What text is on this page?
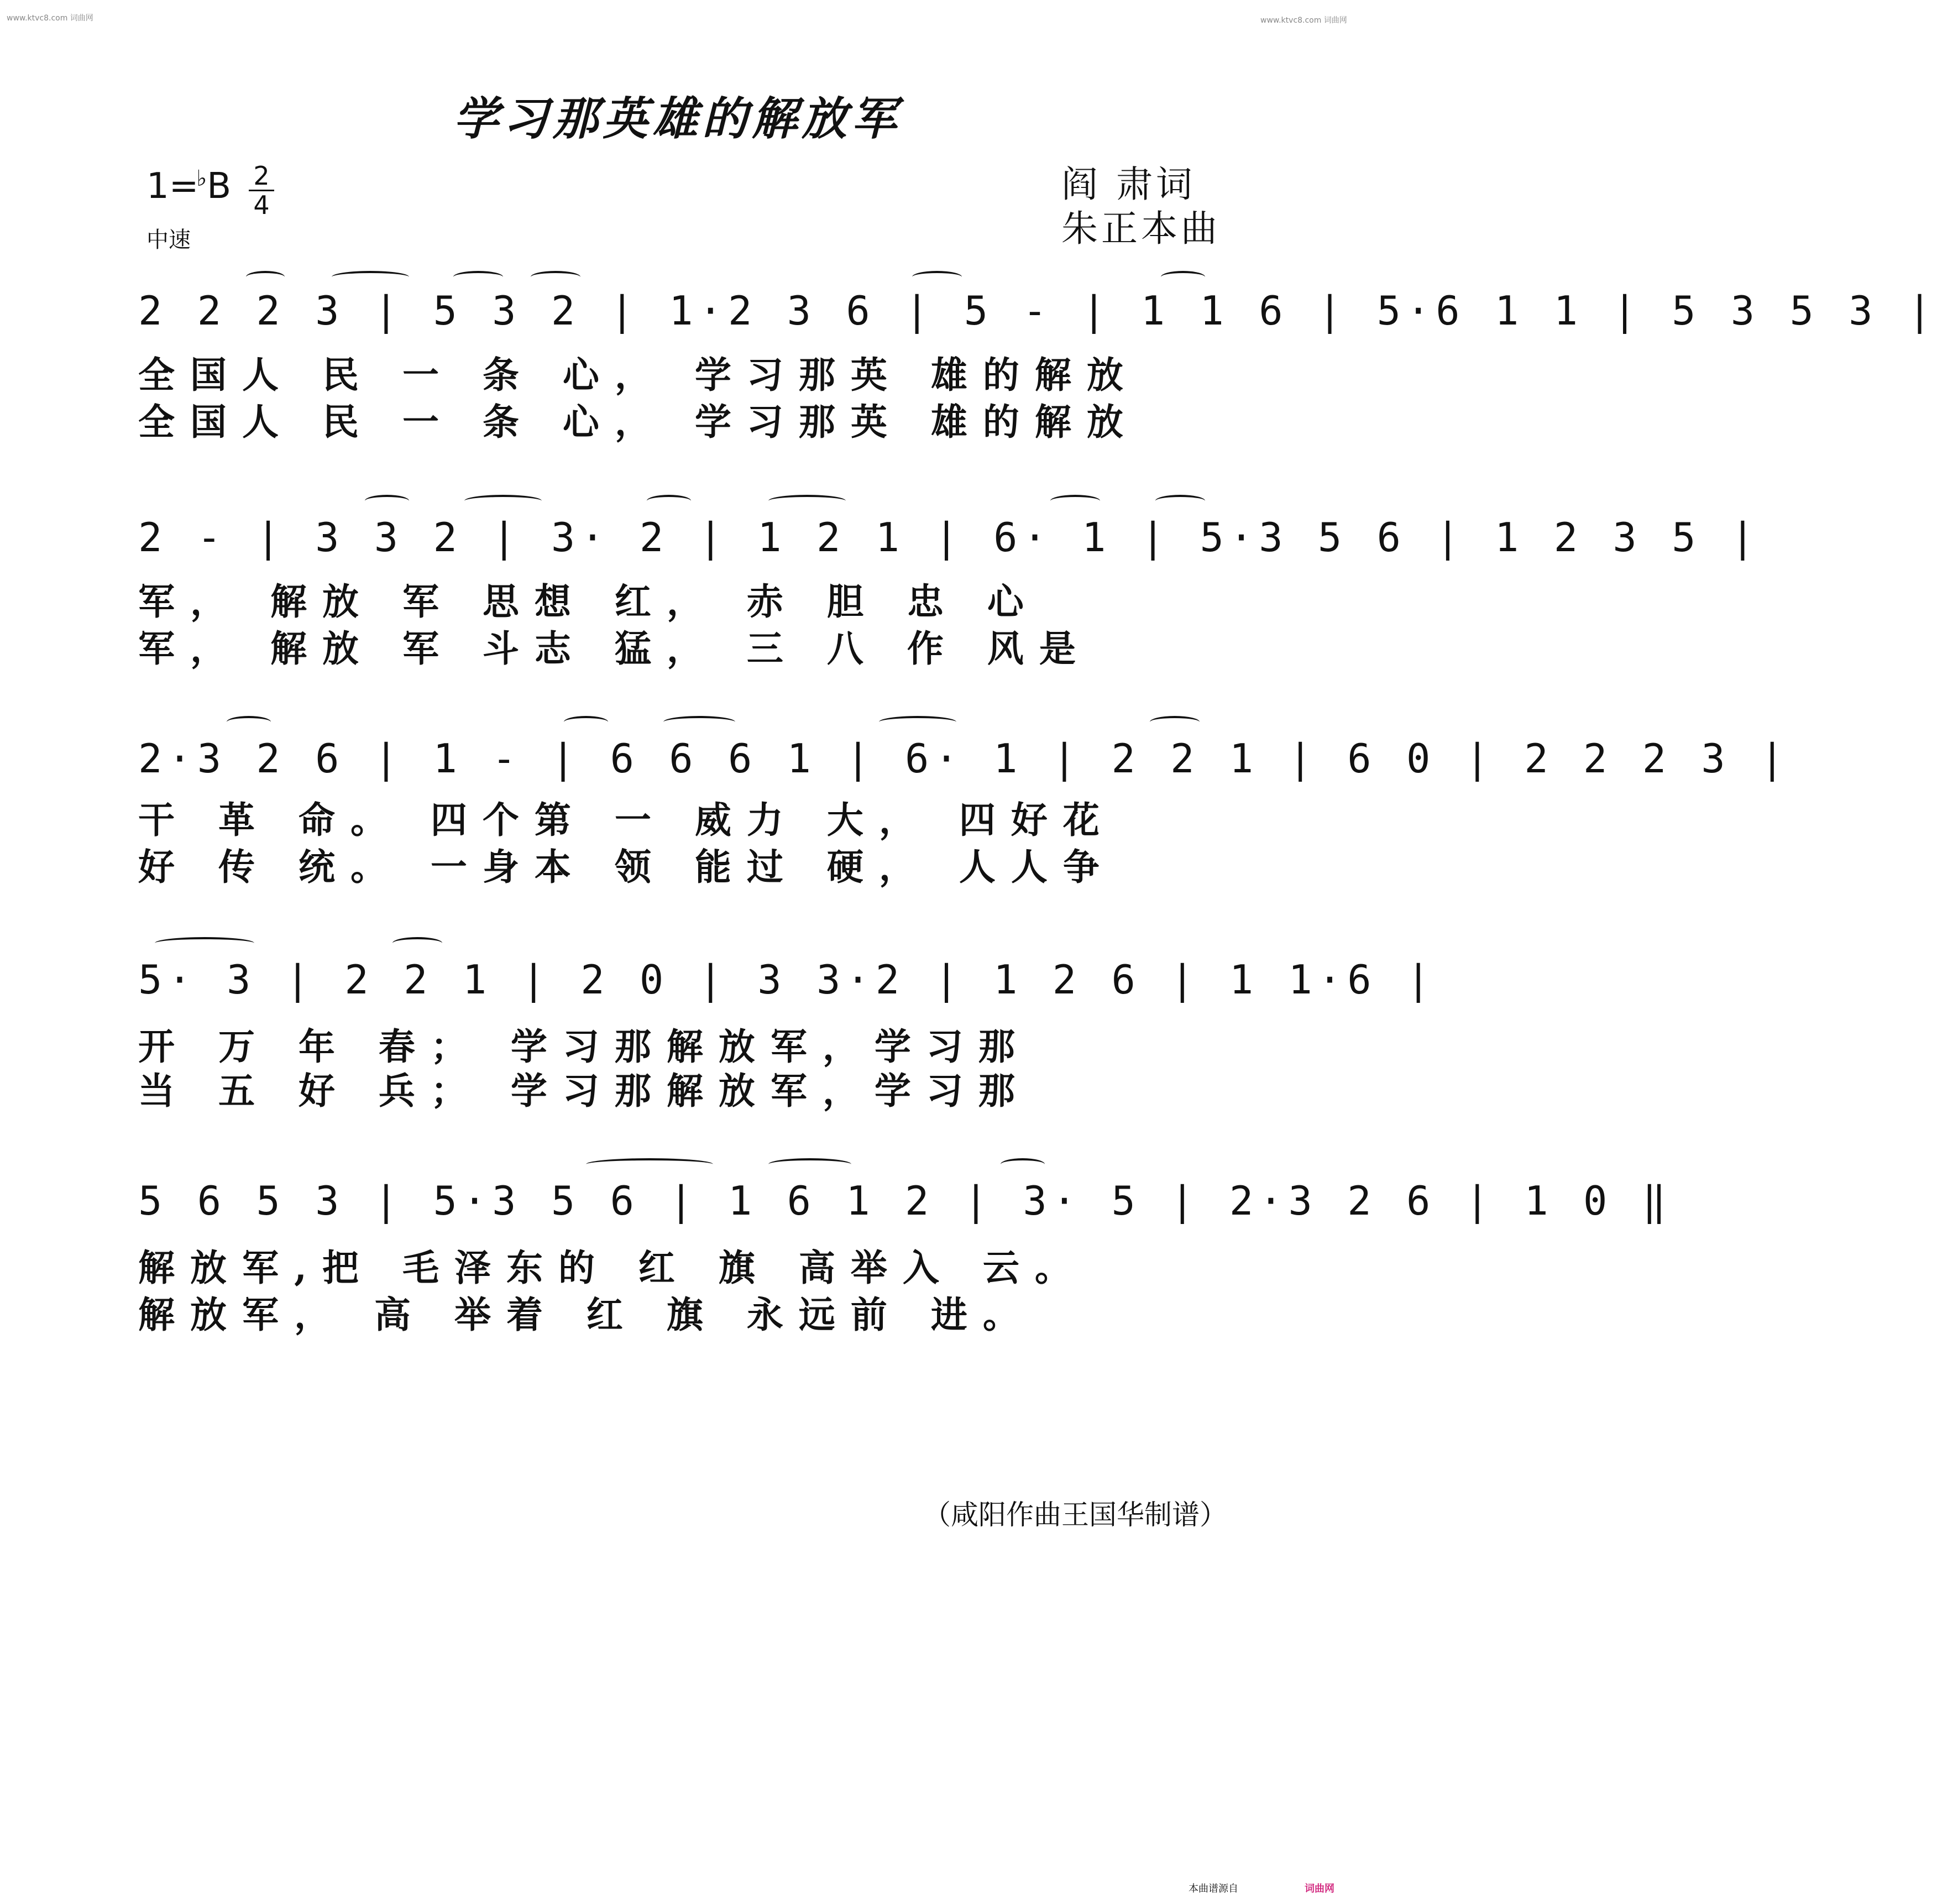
www.ktvc8.com 词曲网	www.ktvc8.com 词曲网
学习那英雄的解放军
1=♭B 2
4
中速
阎 肃词
朱正本曲
2 2 2 3 | 5 3 2 | 1·2 3 6 | 5 - | 1 1 6 | 5·6 1 1 | 5 3 5 3 |
全国人 民 一 条 心， 学习那英 雄的解放
全国人 民 一 条 心， 学习那英 雄的解放
2 - | 3 3 2 | 3· 2 | 1 2 1 | 6· 1 | 5·3 5 6 | 1 2 3 5 |
军， 解放 军 思想 红， 赤 胆 忠 心
军， 解放 军 斗志 猛， 三 八 作 风是
2·3 2 6 | 1 - | 6 6 6 1 | 6· 1 | 2 2 1 | 6 0 | 2 2 2 3 |
干 革 命。 四个第 一 威力 大， 四好花
好 传 统。 一身本 领 能过 硬， 人人争
5· 3 | 2 2 1 | 2 0 | 3 3·2 | 1 2 6 | 1 1·6 |
开 万 年 春； 学习那解放军，学习那
当 五 好 兵； 学习那解放军，学习那
5 6 5 3 | 5·3 5 6 | 1 6 1 2 | 3· 5 | 2·3 2 6 | 1 0 ‖
解放军,把 毛泽东的 红 旗 高举入 云。
解放军， 高 举着 红 旗 永远前 进。
（咸阳作曲王国华制谱）
本曲谱源自	词曲网
